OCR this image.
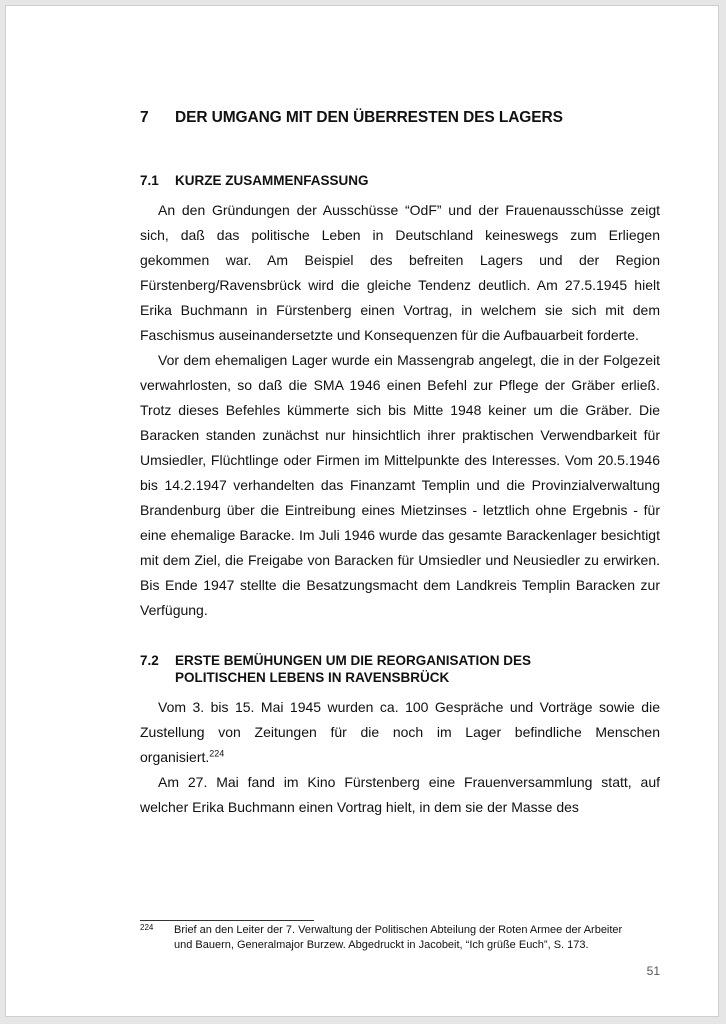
7	DER UMGANG MIT DEN ÜBERRESTEN DES LAGERS
7.1	KURZE ZUSAMMENFASSUNG

An den Gründungen der Ausschüsse “OdF” und der Frauenausschüsse zeigt sich, daß das politische Leben in Deutschland keineswegs zum Erliegen gekommen war. Am Beispiel des befreiten Lagers und der Region Fürstenberg/Ravensbrück wird die gleiche Tendenz deutlich. Am 27.5.1945 hielt Erika Buchmann in Fürstenberg einen Vortrag, in welchem sie sich mit dem Faschismus auseinandersetzte und Konsequenzen für die Aufbauarbeit forderte.

Vor dem ehemaligen Lager wurde ein Massengrab angelegt, die in der Folgezeit verwahrlosten, so daß die SMA 1946 einen Befehl zur Pflege der Gräber erließ. Trotz dieses Befehles kümmerte sich bis Mitte 1948 keiner um die Gräber. Die Baracken standen zunächst nur hinsichtlich ihrer praktischen Verwendbarkeit für Umsiedler, Flüchtlinge oder Firmen im Mittelpunkte des Interesses. Vom 20.5.1946 bis 14.2.1947 verhandelten das Finanzamt Templin und die Provinzialverwaltung Brandenburg über die Eintreibung eines Mietzinses - letztlich ohne Ergebnis - für eine ehemalige Baracke. Im Juli 1946 wurde das gesamte Barackenlager besichtigt mit dem Ziel, die Freigabe von Baracken für Umsiedler und Neusiedler zu erwirken. Bis Ende 1947 stellte die Besatzungsmacht dem Landkreis Templin Baracken zur Verfügung.

7.2	ERSTE BEMÜHUNGEN UM DIE REORGANISATION DES
POLITISCHEN LEBENS IN RAVENSBRÜCK

Vom 3. bis 15. Mai 1945 wurden ca. 100 Gespräche und Vorträge sowie die Zustellung von Zeitungen für die noch im Lager befindliche Menschen organisiert.$^{224}$

Am 27. Mai fand im Kino Fürstenberg eine Frauenversammlung statt, auf welcher Erika Buchmann einen Vortrag hielt, in dem sie der Masse des

224	Brief an den Leiter der 7. Verwaltung der Politischen Abteilung der Roten Armee der Arbeiter
und Bauern, Generalmajor Burzew. Abgedruckt in Jacobeit, “Ich grüße Euch”, S. 173.
51
